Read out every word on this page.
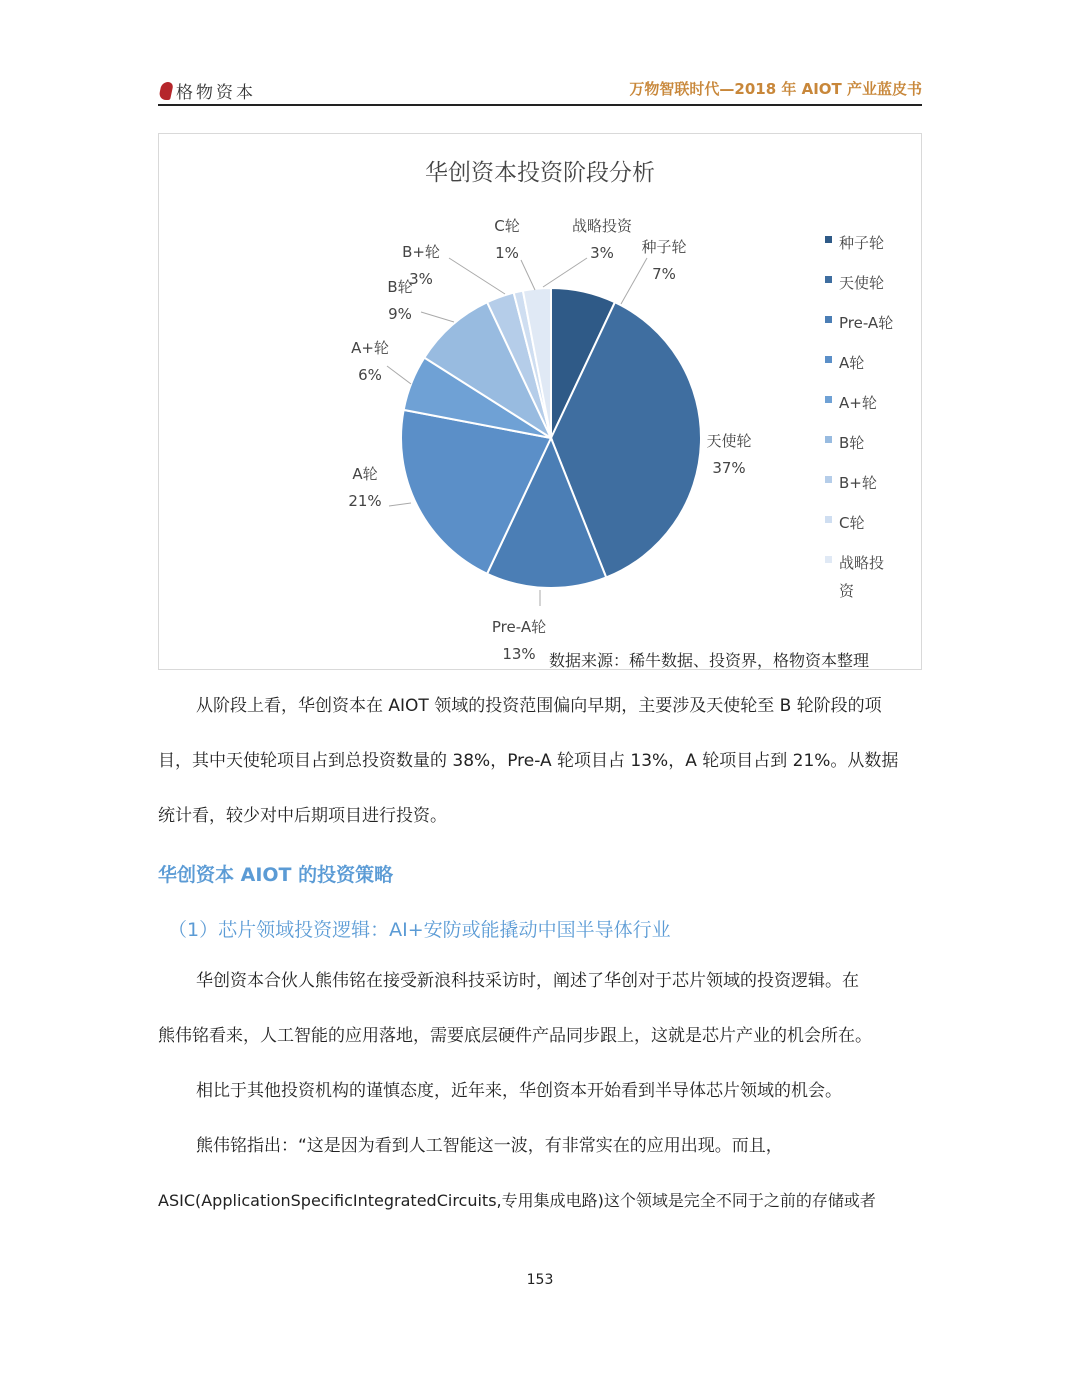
格物资本	万物智联时代—2018 年 AIOT 产业蓝皮书
华创资本投资阶段分析
种子轮
7%
天使轮
37%
Pre-A轮
13%
A轮
21%
A+轮
6%
B轮
9%
B+轮
3%
C轮
1%
战略投资
3%
种子轮
天使轮
Pre-A轮
A轮
A+轮
B轮
B+轮
C轮
战略投
资
数据来源：稀牛数据、投资界，格物资本整理
从阶段上看，华创资本在 AIOT 领域的投资范围偏向早期，主要涉及天使轮至 B 轮阶段的项
目，其中天使轮项目占到总投资数量的 38%，Pre-A 轮项目占 13%，A 轮项目占到 21%。从数据
统计看，较少对中后期项目进行投资。
华创资本 AIOT 的投资策略
（1）芯片领域投资逻辑：AI+安防或能撬动中国半导体行业
华创资本合伙人熊伟铭在接受新浪科技采访时，阐述了华创对于芯片领域的投资逻辑。在
熊伟铭看来，人工智能的应用落地，需要底层硬件产品同步跟上，这就是芯片产业的机会所在。
相比于其他投资机构的谨慎态度，近年来，华创资本开始看到半导体芯片领域的机会。
熊伟铭指出：“这是因为看到人工智能这一波，有非常实在的应用出现。而且，
ASIC(ApplicationSpecificIntegratedCircuits,专用集成电路)这个领域是完全不同于之前的存储或者
153
